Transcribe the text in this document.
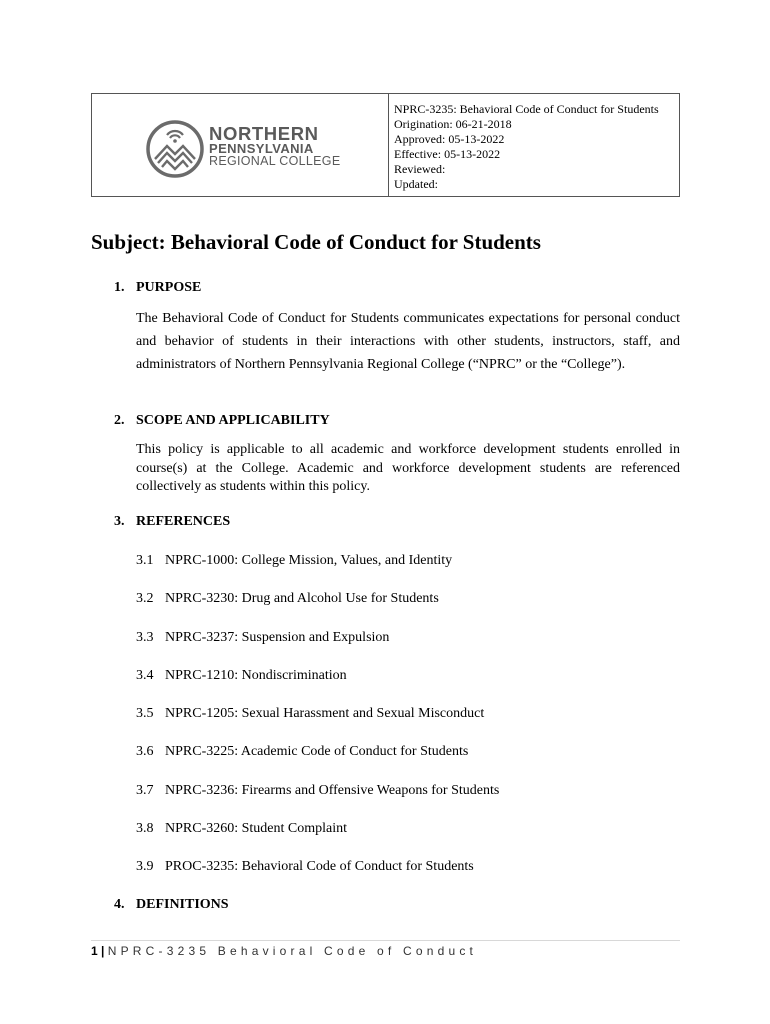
NORTHERN
PENNSYLVANIA
REGIONAL COLLEGE
NPRC-3235: Behavioral Code of Conduct for Students
Origination: 06-21-2018
Approved: 05-13-2022
Effective: 05-13-2022
Reviewed:
Updated:
Subject: Behavioral Code of Conduct for Students
1. PURPOSE
The Behavioral Code of Conduct for Students communicates expectations for personal conduct and behavior of students in their interactions with other students, instructors, staff, and administrators of Northern Pennsylvania Regional College (“NPRC” or the “College”).
2. SCOPE AND APPLICABILITY
This policy is applicable to all academic and workforce development students enrolled in course(s) at the College. Academic and workforce development students are referenced collectively as students within this policy.
3. REFERENCES
3.1 NPRC-1000: College Mission, Values, and Identity
3.2 NPRC-3230: Drug and Alcohol Use for Students
3.3 NPRC-3237: Suspension and Expulsion
3.4 NPRC-1210: Nondiscrimination
3.5 NPRC-1205: Sexual Harassment and Sexual Misconduct
3.6 NPRC-3225: Academic Code of Conduct for Students
3.7 NPRC-3236: Firearms and Offensive Weapons for Students
3.8 NPRC-3260: Student Complaint
3.9 PROC-3235: Behavioral Code of Conduct for Students
4. DEFINITIONS
1 | NPRC-3235 Behavioral Code of Conduct
